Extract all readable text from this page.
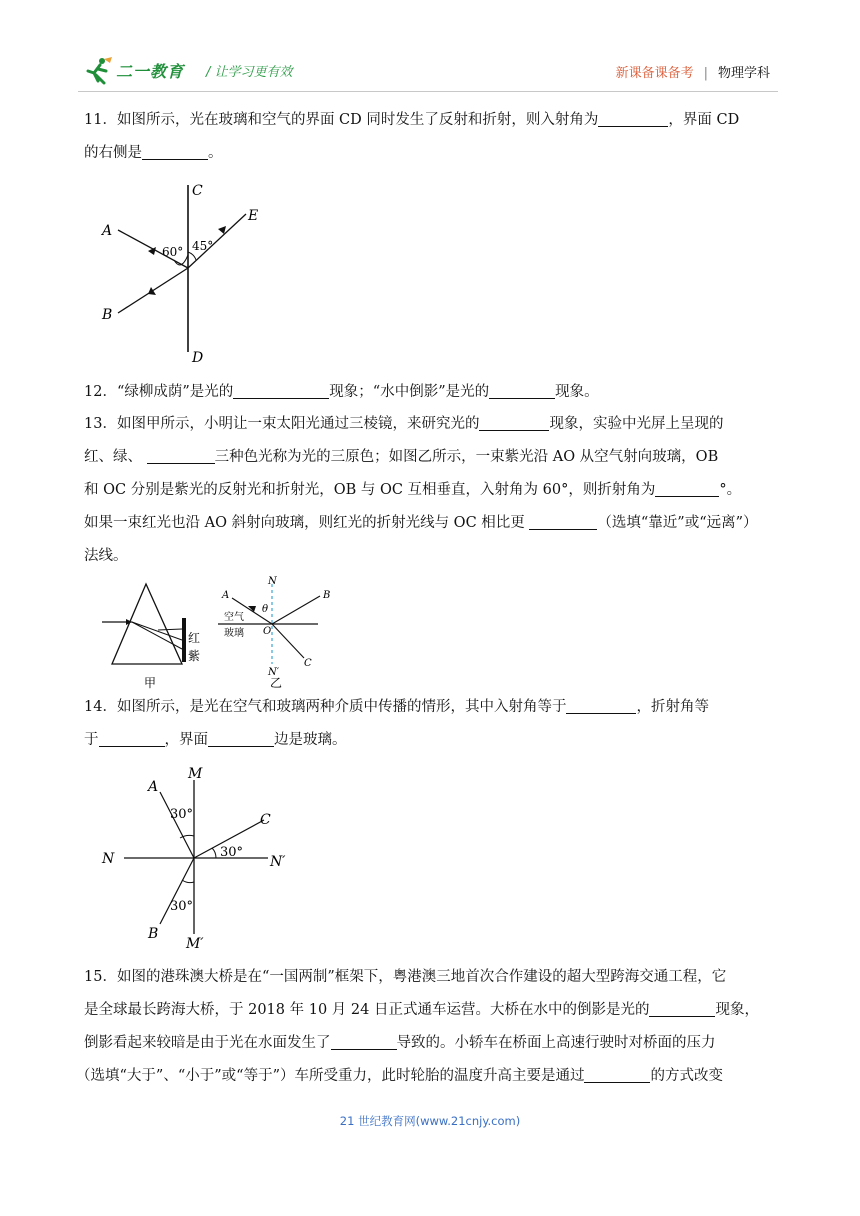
二一教育 / 让学习更有效	新课备课备考 | 物理学科
11．如图所示，光在玻璃和空气的界面 CD 同时发生了反射和折射，则入射角为	，界面 CD
的右侧是	。
C
D
A
B
E
60° 45°
12．“绿柳成荫”是光的	现象；“水中倒影”是光的	现象。
13．如图甲所示，小明让一束太阳光通过三棱镜，来研究光的	现象，实验中光屏上呈现的
红、绿、	三种色光称为光的三原色；如图乙所示，一束紫光沿 AO 从空气射向玻璃，OB
和 OC 分别是紫光的反射光和折射光，OB 与 OC 互相垂直，入射角为 60°，则折射角为	°。
如果一束红光也沿 AO 斜射向玻璃，则红光的折射光线与 OC 相比更	（选填“靠近”或“远离”）
法线。
红
紫
甲
N
N′
A	B
C
O
θ
空气
玻璃
乙
14．如图所示，是光在空气和玻璃两种介质中传播的情形，其中入射角等于	，折射角等
于	，界面	边是玻璃。
M
M′
N	N′
A
B
C
30°
30°
30°
15．如图的港珠澳大桥是在“一国两制”框架下，粤港澳三地首次合作建设的超大型跨海交通工程，它
是全球最长跨海大桥，于 2018 年 10 月 24 日正式通车运营。大桥在水中的倒影是光的	现象，
倒影看起来较暗是由于光在水面发生了	导致的。小轿车在桥面上高速行驶时对桥面的压力
（选填“大于”、“小于”或“等于”）车所受重力，此时轮胎的温度升高主要是通过	的方式改变
21 世纪教育网(www.21cnjy.com)
